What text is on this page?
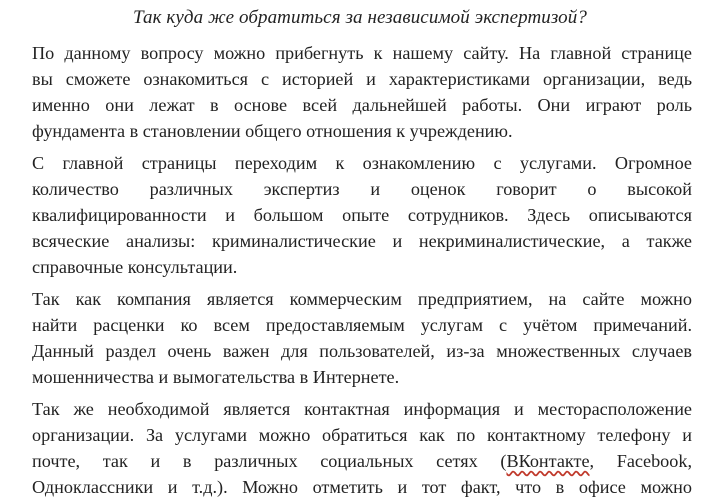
Так куда же обратиться за независимой экспертизой?
По данному вопросу можно прибегнуть к нашему сайту. На главной странице
вы сможете ознакомиться с историей и характеристиками организации, ведь
именно они лежат в основе всей дальнейшей работы. Они играют роль
фундамента в становлении общего отношения к учреждению.
С главной страницы переходим к ознакомлению с услугами. Огромное
количество различных экспертиз и оценок говорит о высокой
квалифицированности и большом опыте сотрудников. Здесь описываются
всяческие анализы: криминалистические и некриминалистические, а также
справочные консультации.
Так как компания является коммерческим предприятием, на сайте можно
найти расценки ко всем предоставляемым услугам с учётом примечаний.
Данный раздел очень важен для пользователей, из-за множественных случаев
мошенничества и вымогательства в Интернете.
Так же необходимой является контактная информация и месторасположение
организации. За услугами можно обратиться как по контактному телефону и
почте, так и в различных социальных сетях (ВКонтакте, Facebook,
Одноклассники и т.д.). Можно отметить и тот факт, что в офисе можно
